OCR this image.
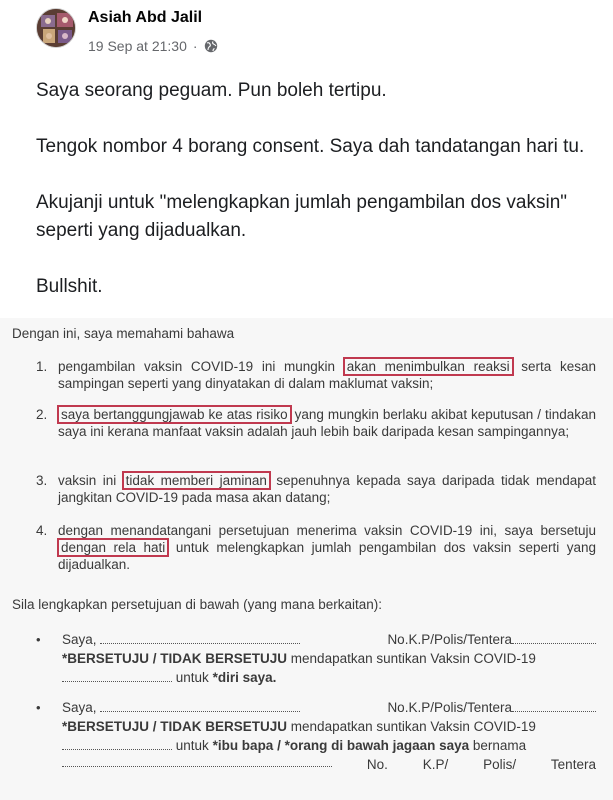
Asiah Abd Jalil
19 Sep at 21:30 ·

Saya seorang peguam. Pun boleh tertipu.

Tengok nombor 4 borang consent. Saya dah tandatangan hari tu.

Akujanji untuk "melengkapkan jumlah pengambilan dos vaksin" seperti yang dijadualkan.

Bullshit.

Dengan ini, saya memahami bahawa
1. pengambilan vaksin COVID-19 ini mungkin akan menimbulkan reaksi serta kesan sampingan seperti yang dinyatakan di dalam maklumat vaksin;
2.	saya bertanggungjawab ke atas risiko yang mungkin berlaku akibat keputusan / tindakan saya ini kerana manfaat vaksin adalah jauh lebih baik daripada kesan sampingannya;
3. vaksin ini tidak memberi jaminan sepenuhnya kepada saya daripada tidak mendapat jangkitan COVID-19 pada masa akan datang;
4. dengan menandatangani persetujuan menerima vaksin COVID-19 ini, saya bersetuju dengan rela hati untuk melengkapkan jumlah pengambilan dos vaksin seperti yang dijadualkan.
Sila lengkapkan persetujuan di bawah (yang mana berkaitan):
• Saya,	No.K.P/Polis/Tentera
*BERSETUJU / TIDAK BERSETUJU mendapatkan suntikan Vaksin COVID-19
untuk *diri saya.
• Saya,	No.K.P/Polis/Tentera
*BERSETUJU / TIDAK BERSETUJU mendapatkan suntikan Vaksin COVID-19
untuk *ibu bapa / *orang di bawah jagaan saya bernama
No.	K.P/	Polis/	Tentera
